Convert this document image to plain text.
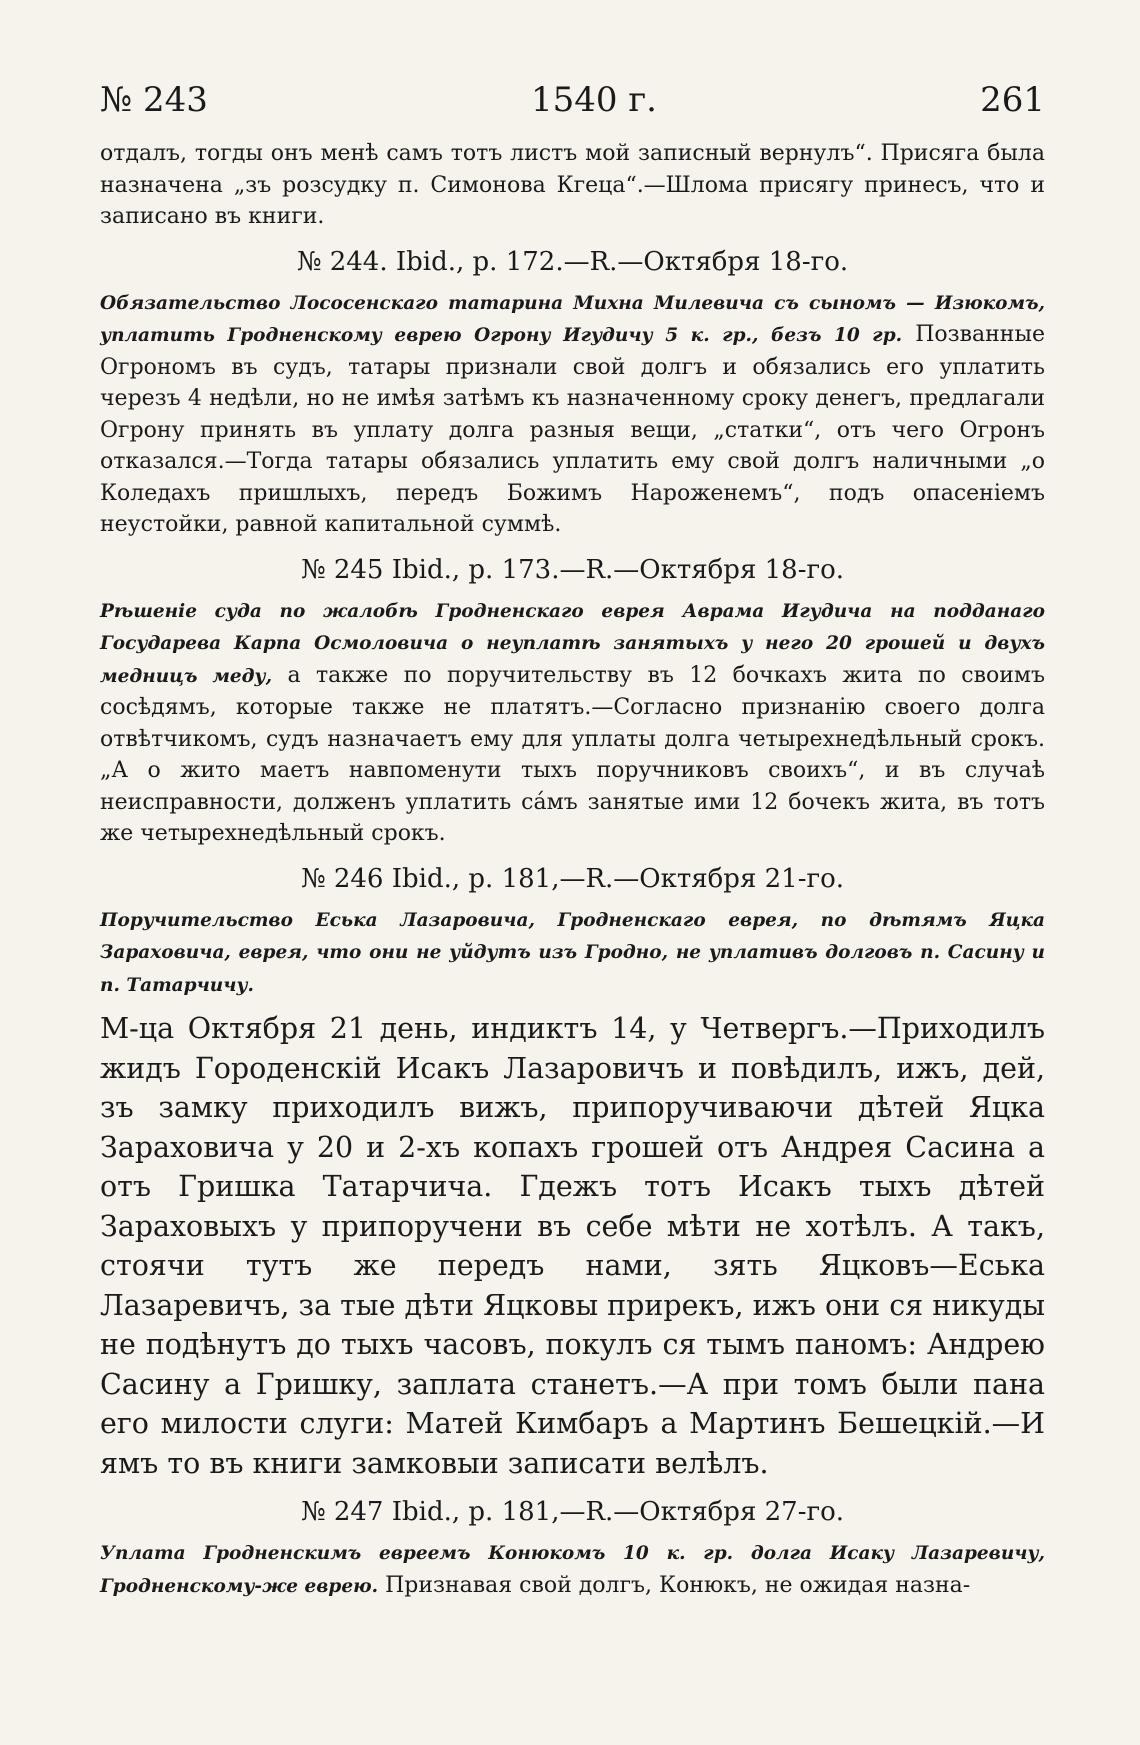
№ 243	1540 г.	261

отдалъ, тогды онъ менѣ самъ тотъ листъ мой записный вернулъ“. Присяга была назначена „зъ розсудку п. Симонова Кгеца“.—Шлома присягу принесъ, что и записано въ книги.

№ 244. Ibid., p. 172.—R.—Октября 18-го.

Обязательство Лососенскаго татарина Михна Милевича съ сыномъ — Изюкомъ, уплатить Гродненскому еврею Огрону Игудичу 5 к. гр., безъ 10 гр. Позванные Огрономъ въ судъ, татары признали свой долгъ и обязались его уплатить черезъ 4 недѣли, но не имѣя затѣмъ къ назначенному сроку денегъ, предлагали Огрону принять въ уплату долга разныя вещи, „статки“, отъ чего Огронъ отказался.—Тогда татары обязались уплатить ему свой долгъ наличными „о Коледахъ пришлыхъ, передъ Божимъ Нароженемъ“, подъ опасеніемъ неустойки, равной капитальной суммѣ.

№ 245 Ibid., p. 173.—R.—Октября 18-го.

Рѣшеніе суда по жалобѣ Гродненскаго еврея Аврама Игудича на подданаго Государева Карпа Осмоловича о неуплатѣ занятыхъ у него 20 грошей и двухъ медницъ меду, а также по поручительству въ 12 бочкахъ жита по своимъ сосѣдямъ, которые также не платятъ.—Согласно признанію своего долга отвѣтчикомъ, судъ назначаетъ ему для уплаты долга четырехнедѣльный срокъ. „А о жито маетъ навпоменути тыхъ поручниковъ своихъ“, и въ случаѣ неисправности, долженъ уплатить са́мъ занятые ими 12 бочекъ жита, въ тотъ же четырехнедѣльный срокъ.

№ 246 Ibid., p. 181,—R.—Октября 21-го.

Поручительство Еська Лазаровича, Гродненскаго еврея, по дѣтямъ Яцка Зараховича, еврея, что они не уйдутъ изъ Гродно, не уплативъ долговъ п. Сасину и п. Татарчичу.

М-ца Октября 21 день, индиктъ 14, у Четвергъ.—Приходилъ жидъ Городенскій Исакъ Лазаровичъ и повѣдилъ, ижъ, дей, зъ замку приходилъ вижъ, припоручиваючи дѣтей Яцка Зараховича у 20 и 2-хъ копахъ грошей отъ Андрея Сасина а отъ Гришка Татарчича. Гдежъ тотъ Исакъ тыхъ дѣтей Зараховыхъ у припоручени въ себе мѣти не хотѣлъ. А такъ, стоячи тутъ же передъ нами, зять Яцковъ—Еська Лазаревичъ, за тые дѣти Яцковы прирекъ, ижъ они ся никуды не подѣнутъ до тыхъ часовъ, покулъ ся тымъ паномъ: Андрею Сасину а Гришку, заплата станетъ.—А при томъ были пана его милости слуги: Матей Кимбаръ а Мартинъ Бешецкій.—И ямъ то въ книги замковыи записати велѣлъ.

№ 247 Ibid., p. 181,—R.—Октября 27-го.

Уплата Гродненскимъ евреемъ Конюкомъ 10 к. гр. долга Исаку Лазаревичу, Гродненскому-же еврею. Признавая свой долгъ, Конюкъ, не ожидая назна-
